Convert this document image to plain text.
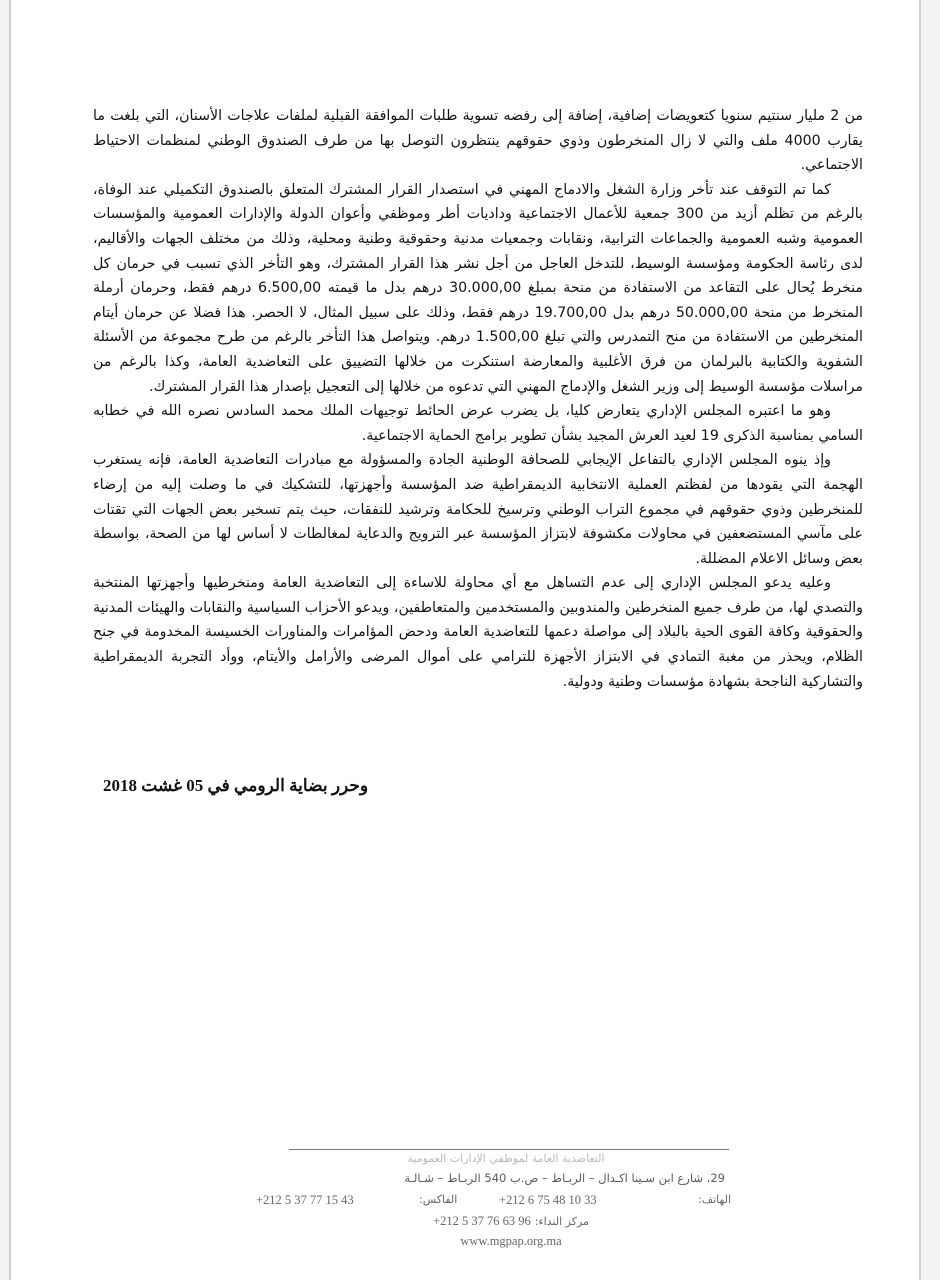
من 2 مليار سنتيم سنويا كتعويضات إضافية، إضافة إلى رفضه تسوية طلبات الموافقة القبلية لملفات علاجات الأسنان، التي بلغت ما يقارب 4000 ملف والتي لا زال المنخرطون وذوي حقوقهم ينتظرون التوصل بها من طرف الصندوق الوطني لمنظمات الاحتياط الاجتماعي.

كما تم التوقف عند تأخر وزارة الشغل والادماج المهني في استصدار القرار المشترك المتعلق بالصندوق التكميلي عند الوفاة، بالرغم من تظلم أزيد من 300 جمعية للأعمال الاجتماعية وداديات أطر وموظفي وأعوان الدولة والإدارات العمومية والمؤسسات العمومية وشبه العمومية والجماعات الترابية، ونقابات وجمعيات مدنية وحقوقية وطنية ومحلية، وذلك من مختلف الجهات والأقاليم، لدى رئاسة الحكومة ومؤسسة الوسيط، للتدخل العاجل من أجل نشر هذا القرار المشترك، وهو التأخر الذي تسبب في حرمان كل منخرط يُحال على التقاعد من الاستفادة من منحة بمبلغ 30.000,00 درهم بدل ما قيمته 6.500,00 درهم فقط، وحرمان أرملة المنخرط من منحة 50.000,00 درهم بدل 19.700,00 درهم فقط، وذلك على سبيل المثال، لا الحصر. هذا فضلا عن حرمان أيتام المنخرطين من الاستفادة من منح التمدرس والتي تبلغ 1.500,00 درهم. ويتواصل هذا التأخر بالرغم من طرح مجموعة من الأسئلة الشفوية والكتابية بالبرلمان من فرق الأغلبية والمعارضة استنكرت من خلالها التضييق على التعاضدية العامة، وكذا بالرغم من مراسلات مؤسسة الوسيط إلى وزير الشغل والإدماج المهني التي تدعوه من خلالها إلى التعجيل بإصدار هذا القرار المشترك.

وهو ما اعتبره المجلس الإداري يتعارض كليا، بل يضرب عرض الحائط توجيهات الملك محمد السادس نصره الله في خطابه السامي بمناسبة الذكرى 19 لعيد العرش المجيد بشأن تطوير برامج الحماية الاجتماعية.

وإذ ينوه المجلس الإداري بالتفاعل الإيجابي للصحافة الوطنية الجادة والمسؤولة مع مبادرات التعاضدية العامة، فإنه يستغرب الهجمة التي يقودها من لفظتم العملية الانتخابية الديمقراطية ضد المؤسسة وأجهزتها، للتشكيك في ما وصلت إليه من إرضاء للمنخرطين وذوي حقوقهم في مجموع التراب الوطني وترسيخ للحكامة وترشيد للنفقات، حيث يتم تسخير بعض الجهات التي تقتات على مآسي المستضعفين في محاولات مكشوفة لابتزاز المؤسسة عبر الترويج والدعاية لمغالطات لا أساس لها من الصحة، بواسطة بعض وسائل الاعلام المضللة.

وعليه يدعو المجلس الإداري إلى عدم التساهل مع أي محاولة للاساءة إلى التعاضدية العامة ومنخرطيها وأجهزتها المنتخبة والتصدي لها، من طرف جميع المنخرطين والمندوبين والمستخدمين والمتعاطفين، ويدعو الأحزاب السياسية والنقابات والهيئات المدنية والحقوقية وكافة القوى الحية بالبلاد إلى مواصلة دعمها للتعاضدية العامة ودحض المؤامرات والمناورات الخسيسة المخدومة في جنح الظلام، ويحذر من مغبة التمادي في الابتزاز الأجهزة للترامي على أموال المرضى والأرامل والأيتام، ووأد التجربة الديمقراطية والتشاركية الناجحة بشهادة مؤسسات وطنية ودولية.

وحرر بضاية الرومي في 05 غشت 2018
التعاضدية العامة لموظفي الإدارات العمومية
29، شارع ابن سـينا اكـدال – الربـاط – ص.ب 540 الربـاط – شـالـة
الهاتف:
+212 6 75 48 10 33
الفاكس:
+212 5 37 77 15 43
+212 5 37 76 63 96 مركز النداء:
www.mgpap.org.ma
